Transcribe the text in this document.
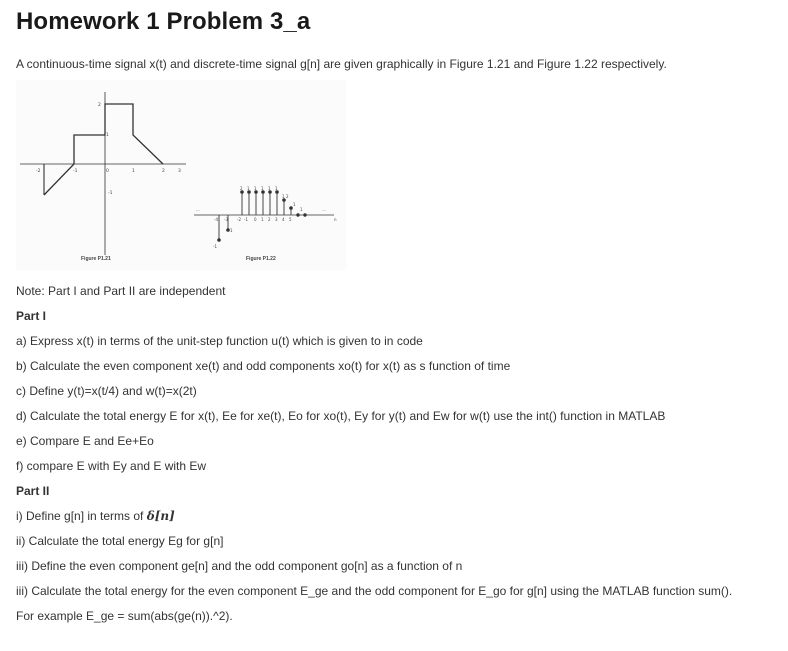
Homework 1 Problem 3_a
A continuous-time signal x(t) and discrete-time signal g[n] are given graphically in Figure 1.21 and Figure 1.22 respectively.
-2	-1	0	1	2	3
2
1
-1
...	...
-4 -3 -2 -1 0 1 2 3 4 5	n
-1
1
2 1 1 1 1 1
1 2
1
1
Figure P1.21	Figure P1.22
Note: Part I and Part II are independent
Part I
a) Express x(t) in terms of the unit-step function u(t) which is given to in code
b) Calculate the even component xe(t) and odd components xo(t) for x(t) as s function of time
c) Define y(t)=x(t/4) and w(t)=x(2t)
d) Calculate the total energy E for x(t), Ee for xe(t), Eo for xo(t), Ey for y(t) and Ew for w(t) use the int() function in MATLAB
e) Compare E and Ee+Eo
f) compare E with Ey and E with Ew
Part II
i) Define g[n] in terms of δ[n]
ii) Calculate the total energy Eg for g[n]
iii) Define the even component ge[n] and the odd component go[n] as a function of n
iii) Calculate the total energy for the even component E_ge and the odd component for E_go for g[n] using the MATLAB function sum().
For example E_ge = sum(abs(ge(n)).^2).
